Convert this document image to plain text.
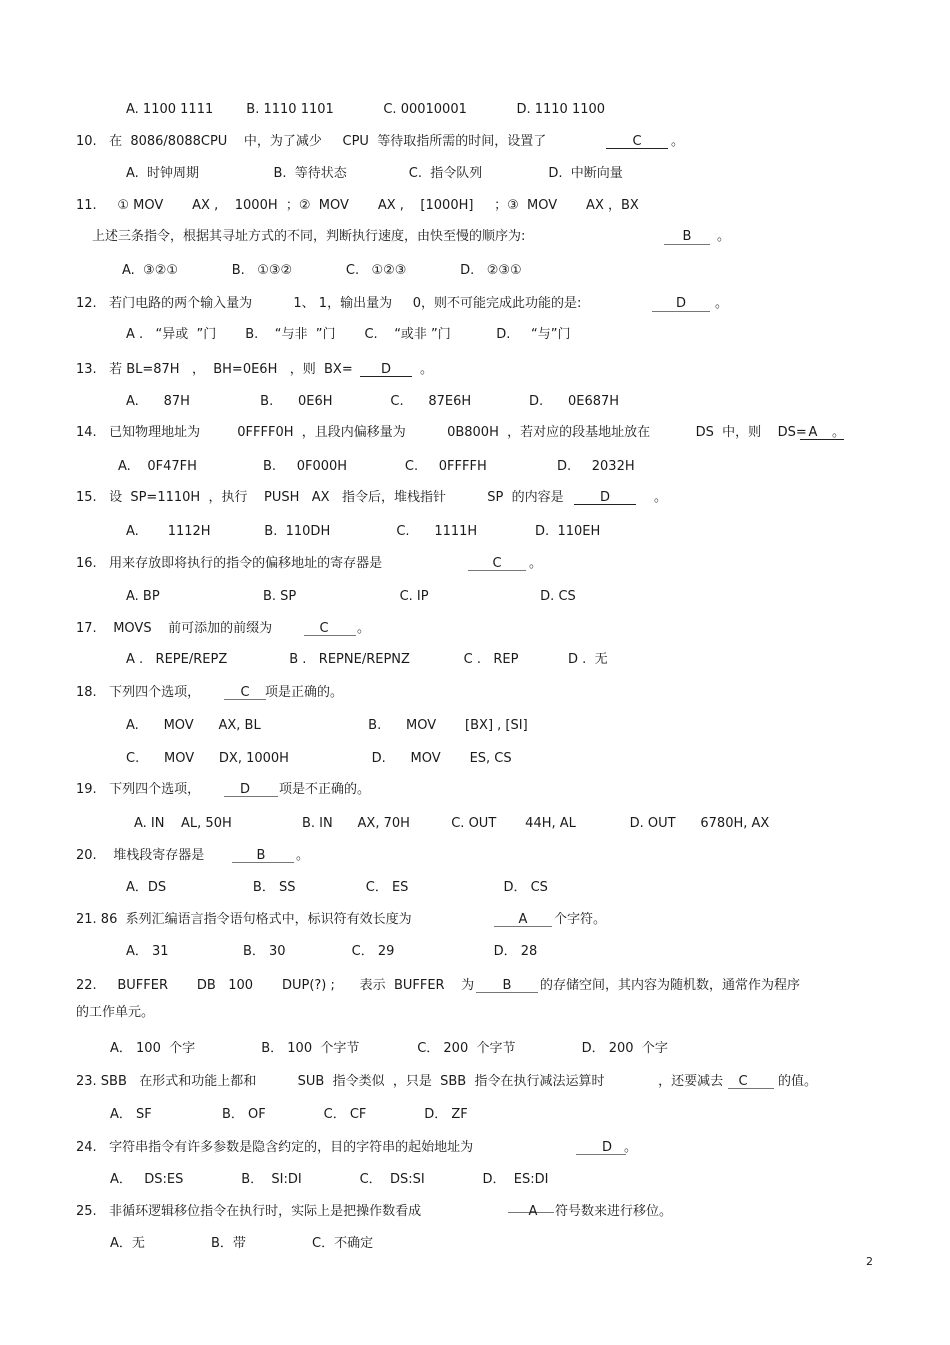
A. 1100 1111        B. 1110 1101            C. 00010001            D. 1110 1100
10.   在  8086/8088CPU    中，为了减少     CPU  等待取指所需的时间，设置了	C	。
A.  时钟周期                  B.  等待状态               C.  指令队列                D.  中断向量
11.     ① MOV       AX ,    1000H  ；②  MOV       AX ,    [1000H]     ；③  MOV       AX ，BX
上述三条指令，根据其寻址方式的不同，判断执行速度，由快至慢的顺序为:	B	。
A.  ③②①             B.   ①③②             C.   ①②③             D.   ②③①
12.   若门电路的两个输入量为          1、 1，输出量为     0，则不可能完成此功能的是:	D	。
A .   “异或  ”门       B.    “与非  ”门       C.    “或非 ”门           D.     “与”门
13.   若 BL=87H   ，  BH=0E6H   ，则  BX=	D	。
A.      87H                 B.      0E6H              C.      87E6H              D.      0E687H
14.   已知物理地址为         0FFFF0H  ，且段内偏移量为          0B800H  ，若对应的段基地址放在           DS  中，则    DS= A	。
A.    0F47FH                B.     0F000H              C.     0FFFFH                 D.     2032H
15.   设  SP=1110H  ，执行    PUSH   AX   指令后，堆栈指针          SP  的内容是	D	。
A.       1112H             B.  110DH                C.      1111H              D.  110EH
16.   用来存放即将执行的指令的偏移地址的寄存器是	C	。
A. BP                         B. SP                         C. IP                           D. CS
17.    MOVS    前可添加的前缀为	C	。
A .   REPE/REPZ               B .   REPNE/REPNZ             C .   REP            D .  无
18.   下列四个选项，	C	项是正确的。
A.      MOV      AX, BL                          B.      MOV       [BX] , [SI]
C.      MOV      DX, 1000H                    D.      MOV       ES, CS
19.   下列四个选项，	D	项是不正确的。
A. IN    AL, 50H                 B. IN      AX, 70H          C. OUT       44H, AL             D. OUT      6780H, AX
20.    堆栈段寄存器是	B	。
A．DS                     B． SS                 C． ES                       D． CS
21. 86  系列汇编语言指令语句格式中，标识符有效长度为	A	个字符。
A． 31                  B． 30                C． 29                        D． 28
22.     BUFFER       DB   100       DUP(?) ;      表示  BUFFER    为	B	的存储空间，其内容为随机数，通常作为程序
的工作单元。
A． 100  个字                B． 100  个字节              C． 200  个字节                D． 200  个字
23. SBB   在形式和功能上都和          SUB  指令类似  ，只是  SBB  指令在执行减法运算时             ，还要减去	C	的值。
A． SF                 B． OF              C． CF              D． ZF
24.   字符串指令有许多参数是隐含约定的，目的字符串的起始地址为	D 。
A．   DS:ES              B．  SI:DI              C．  DS:SI              D．  ES:DI
25.   非循环逻辑移位指令在执行时，实际上是把操作数看成	A	符号数来进行移位。
A．无                B．带                C．不确定
2
